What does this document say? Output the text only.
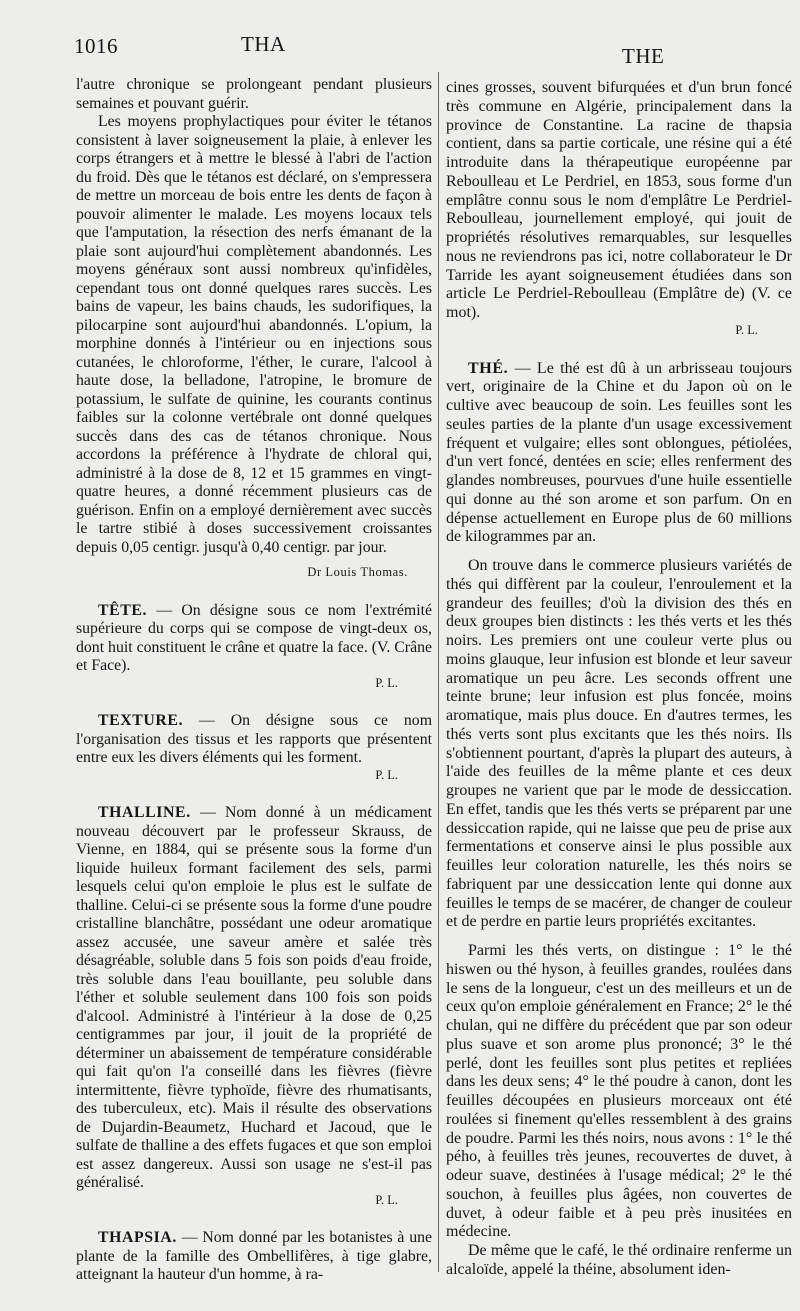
1016	THA	THE

l'autre chronique se prolongeant pendant plusieurs semaines et pouvant guérir.

Les moyens prophylactiques pour éviter le tétanos consistent à laver soigneusement la plaie, à enlever les corps étrangers et à mettre le blessé à l'abri de l'action du froid. Dès que le tétanos est déclaré, on s'empressera de mettre un morceau de bois entre les dents de façon à pouvoir alimenter le malade. Les moyens locaux tels que l'amputation, la résection des nerfs émanant de la plaie sont aujourd'hui complètement abandonnés. Les moyens généraux sont aussi nombreux qu'infidèles, cependant tous ont donné quelques rares succès. Les bains de vapeur, les bains chauds, les sudorifiques, la pilocarpine sont aujourd'hui abandonnés. L'opium, la morphine donnés à l'intérieur ou en injections sous cutanées, le chloroforme, l'éther, le curare, l'alcool à haute dose, la belladone, l'atropine, le bromure de potassium, le sulfate de quinine, les courants continus faibles sur la colonne vertébrale ont donné quelques succès dans des cas de tétanos chronique. Nous accordons la préférence à l'hydrate de chloral qui, administré à la dose de 8, 12 et 15 grammes en vingt-quatre heures, a donné récemment plusieurs cas de guérison. Enfin on a employé dernièrement avec succès le tartre stibié à doses successivement croissantes depuis 0,05 centigr. jusqu'à 0,40 centigr. par jour.

Dr Louis Thomas.

TÊTE. — On désigne sous ce nom l'extrémité supérieure du corps qui se compose de vingt-deux os, dont huit constituent le crâne et quatre la face. (V. Crâne et Face).

P. L.

TEXTURE. — On désigne sous ce nom l'organisation des tissus et les rapports que présentent entre eux les divers éléments qui les forment.

P. L.

THALLINE. — Nom donné à un médicament nouveau découvert par le professeur Skrauss, de Vienne, en 1884, qui se présente sous la forme d'un liquide huileux formant facilement des sels, parmi lesquels celui qu'on emploie le plus est le sulfate de thalline. Celui-ci se présente sous la forme d'une poudre cristalline blanchâtre, possédant une odeur aromatique assez accusée, une saveur amère et salée très désagréable, soluble dans 5 fois son poids d'eau froide, très soluble dans l'eau bouillante, peu soluble dans l'éther et soluble seulement dans 100 fois son poids d'alcool. Administré à l'intérieur à la dose de 0,25 centigrammes par jour, il jouit de la propriété de déterminer un abaissement de température considérable qui fait qu'on l'a conseillé dans les fièvres (fièvre intermittente, fièvre typhoïde, fièvre des rhumatisants, des tuberculeux, etc). Mais il résulte des observations de Dujardin-Beaumetz, Huchard et Jacoud, que le sulfate de thalline a des effets fugaces et que son emploi est assez dangereux. Aussi son usage ne s'est-il pas généralisé.

P. L.

THAPSIA. — Nom donné par les botanistes à une plante de la famille des Ombellifères, à tige glabre, atteignant la hauteur d'un homme, à ra-

cines grosses, souvent bifurquées et d'un brun foncé très commune en Algérie, principalement dans la province de Constantine. La racine de thapsia contient, dans sa partie corticale, une résine qui a été introduite dans la thérapeutique européenne par Reboulleau et Le Perdriel, en 1853, sous forme d'un emplâtre connu sous le nom d'emplâtre Le Perdriel-Reboulleau, journellement employé, qui jouit de propriétés résolutives remarquables, sur lesquelles nous ne reviendrons pas ici, notre collaborateur le Dr Tarride les ayant soigneusement étudiées dans son article Le Perdriel-Reboulleau (Emplâtre de) (V. ce mot).

P. L.

THÉ. — Le thé est dû à un arbrisseau toujours vert, originaire de la Chine et du Japon où on le cultive avec beaucoup de soin. Les feuilles sont les seules parties de la plante d'un usage excessivement fréquent et vulgaire; elles sont oblongues, pétiolées, d'un vert foncé, dentées en scie; elles renferment des glandes nombreuses, pourvues d'une huile essentielle qui donne au thé son arome et son parfum. On en dépense actuellement en Europe plus de 60 millions de kilogrammes par an.

On trouve dans le commerce plusieurs variétés de thés qui diffèrent par la couleur, l'enroulement et la grandeur des feuilles; d'où la division des thés en deux groupes bien distincts : les thés verts et les thés noirs. Les premiers ont une couleur verte plus ou moins glauque, leur infusion est blonde et leur saveur aromatique un peu âcre. Les seconds offrent une teinte brune; leur infusion est plus foncée, moins aromatique, mais plus douce. En d'autres termes, les thés verts sont plus excitants que les thés noirs. Ils s'obtiennent pourtant, d'après la plupart des auteurs, à l'aide des feuilles de la même plante et ces deux groupes ne varient que par le mode de dessiccation. En effet, tandis que les thés verts se préparent par une dessiccation rapide, qui ne laisse que peu de prise aux fermentations et conserve ainsi le plus possible aux feuilles leur coloration naturelle, les thés noirs se fabriquent par une dessiccation lente qui donne aux feuilles le temps de se macérer, de changer de couleur et de perdre en partie leurs propriétés excitantes.

Parmi les thés verts, on distingue : 1° le thé hiswen ou thé hyson, à feuilles grandes, roulées dans le sens de la longueur, c'est un des meilleurs et un de ceux qu'on emploie généralement en France; 2° le thé chulan, qui ne diffère du précédent que par son odeur plus suave et son arome plus prononcé; 3° le thé perlé, dont les feuilles sont plus petites et repliées dans les deux sens; 4° le thé poudre à canon, dont les feuilles découpées en plusieurs morceaux ont été roulées si finement qu'elles ressemblent à des grains de poudre. Parmi les thés noirs, nous avons : 1° le thé pého, à feuilles très jeunes, recouvertes de duvet, à odeur suave, destinées à l'usage médical; 2° le thé souchon, à feuilles plus âgées, non couvertes de duvet, à odeur faible et à peu près inusitées en médecine.

De même que le café, le thé ordinaire renferme un alcaloïde, appelé la théine, absolument iden-
